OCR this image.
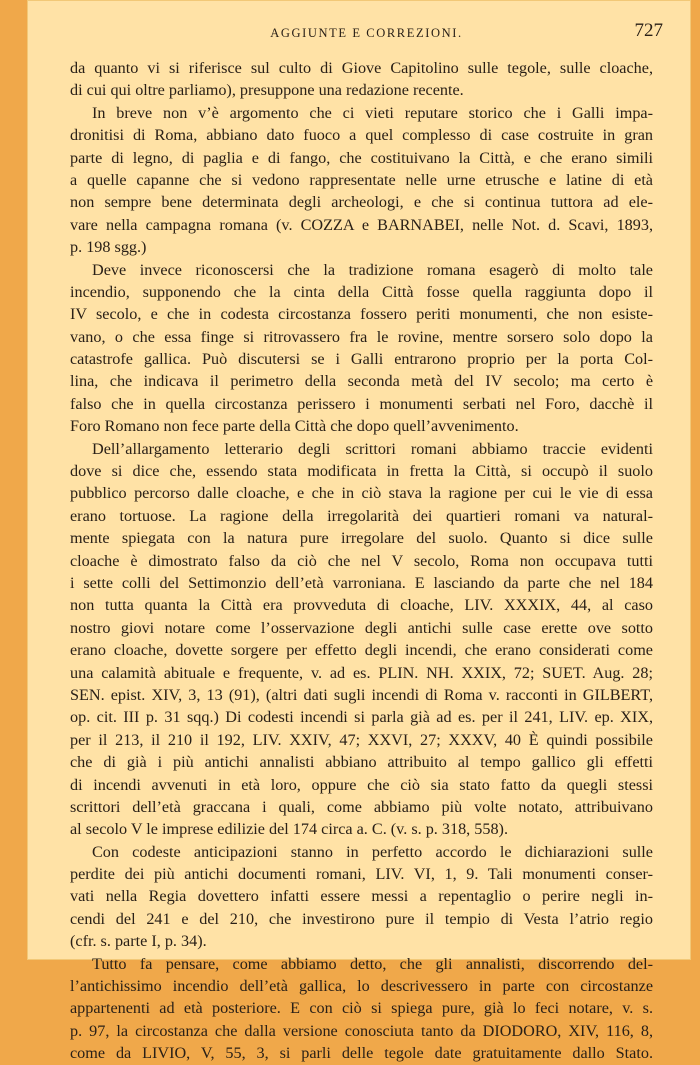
AGGIUNTE E CORREZIONI.	727
da quanto vi si riferisce sul culto di Giove Capitolino sulle tegole, sulle cloache,
di cui qui oltre parliamo), presuppone una redazione recente.
In breve non v’è argomento che ci vieti reputare storico che i Galli impa-
dronitisi di Roma, abbiano dato fuoco a quel complesso di case costruite in gran
parte di legno, di paglia e di fango, che costituivano la Città, e che erano simili
a quelle capanne che si vedono rappresentate nelle urne etrusche e latine di età
non sempre bene determinata degli archeologi, e che si continua tuttora ad ele-
vare nella campagna romana (v. COZZA e BARNABEI, nelle Not. d. Scavi, 1893,
p. 198 sgg.)
Deve invece riconoscersi che la tradizione romana esagerò di molto tale
incendio, supponendo che la cinta della Città fosse quella raggiunta dopo il
IV secolo, e che in codesta circostanza fossero periti monumenti, che non esiste-
vano, o che essa finge si ritrovassero fra le rovine, mentre sorsero solo dopo la
catastrofe gallica. Può discutersi se i Galli entrarono proprio per la porta Col-
lina, che indicava il perimetro della seconda metà del IV secolo; ma certo è
falso che in quella circostanza perissero i monumenti serbati nel Foro, dacchè il
Foro Romano non fece parte della Città che dopo quell’avvenimento.
Dell’allargamento letterario degli scrittori romani abbiamo traccie evidenti
dove si dice che, essendo stata modificata in fretta la Città, si occupò il suolo
pubblico percorso dalle cloache, e che in ciò stava la ragione per cui le vie di essa
erano tortuose. La ragione della irregolarità dei quartieri romani va natural-
mente spiegata con la natura pure irregolare del suolo. Quanto si dice sulle
cloache è dimostrato falso da ciò che nel V secolo, Roma non occupava tutti
i sette colli del Settimonzio dell’età varroniana. E lasciando da parte che nel 184
non tutta quanta la Città era provveduta di cloache, LIV. XXXIX, 44, al caso
nostro giovi notare come l’osservazione degli antichi sulle case erette ove sotto
erano cloache, dovette sorgere per effetto degli incendi, che erano considerati come
una calamità abituale e frequente, v. ad es. PLIN. NH. XXIX, 72; SUET. Aug. 28;
SEN. epist. XIV, 3, 13 (91), (altri dati sugli incendi di Roma v. racconti in GILBERT,
op. cit. III p. 31 sqq.) Di codesti incendi si parla già ad es. per il 241, LIV. ep. XIX,
per il 213, il 210 il 192, LIV. XXIV, 47; XXVI, 27; XXXV, 40 È quindi possibile
che di già i più antichi annalisti abbiano attribuito al tempo gallico gli effetti
di incendi avvenuti in età loro, oppure che ciò sia stato fatto da quegli stessi
scrittori dell’età graccana i quali, come abbiamo più volte notato, attribuivano
al secolo V le imprese edilizie del 174 circa a. C. (v. s. p. 318, 558).
Con codeste anticipazioni stanno in perfetto accordo le dichiarazioni sulle
perdite dei più antichi documenti romani, LIV. VI, 1, 9. Tali monumenti conser-
vati nella Regia dovettero infatti essere messi a repentaglio o perire negli in-
cendi del 241 e del 210, che investirono pure il tempio di Vesta l’atrio regio
(cfr. s. parte I, p. 34).
Tutto fa pensare, come abbiamo detto, che gli annalisti, discorrendo del-
l’antichissimo incendio dell’età gallica, lo descrivessero in parte con circostanze
appartenenti ad età posteriore. E con ciò si spiega pure, già lo feci notare, v. s.
p. 97, la circostanza che dalla versione conosciuta tanto da DIODORO, XIV, 116, 8,
come da LIVIO, V, 55, 3, si parli delle tegole date gratuitamente dallo Stato.
